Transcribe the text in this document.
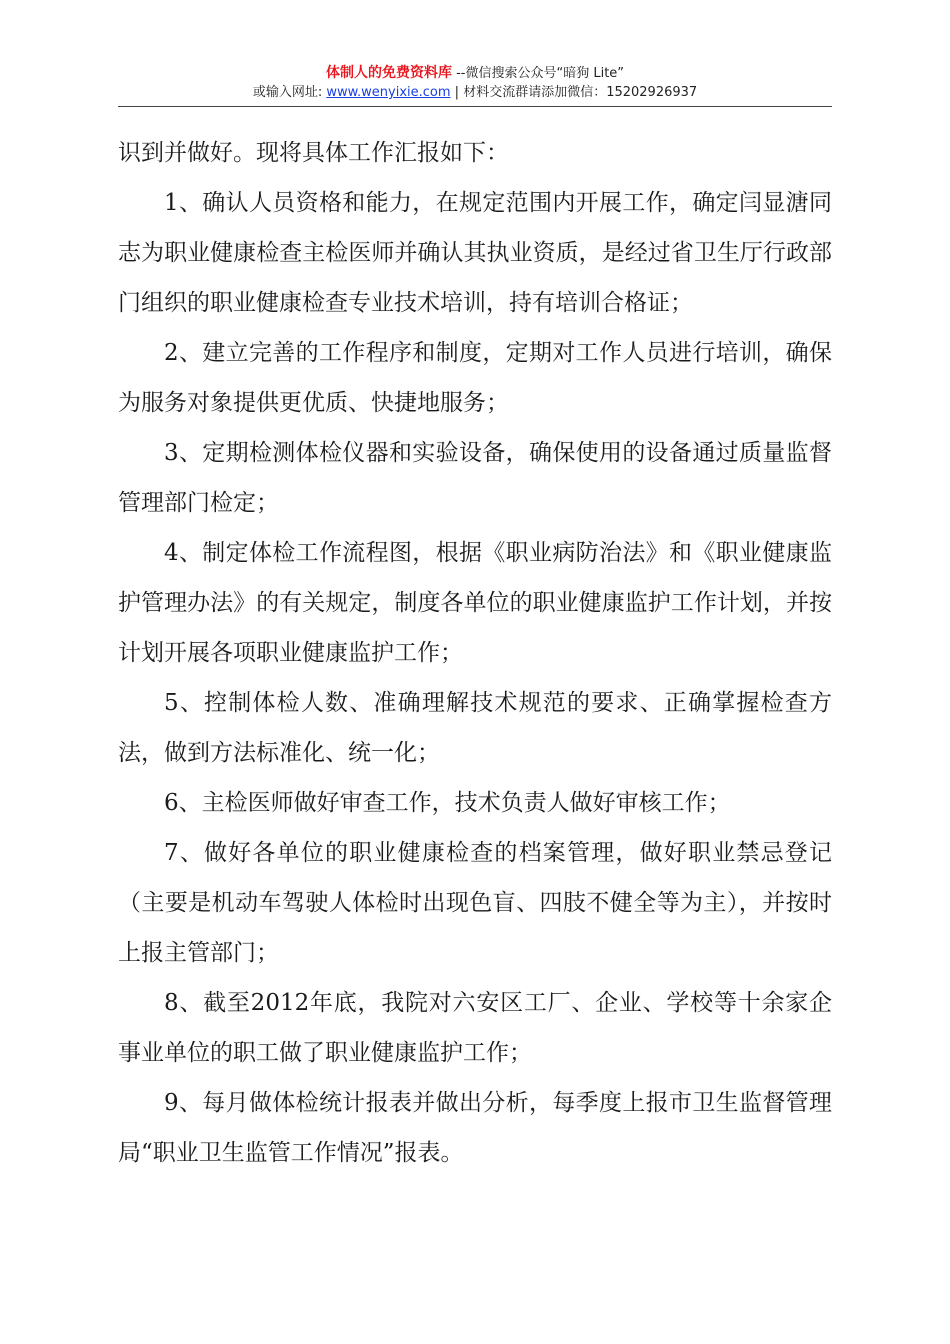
体制人的免费资料库 --微信搜索公众号“暗狗 Lite”
或输入网址: www.wenyixie.com | 材料交流群请添加微信：15202926937

识到并做好。现将具体工作汇报如下：

1、确认人员资格和能力，在规定范围内开展工作，确定闫显溏同志为职业健康检查主检医师并确认其执业资质，是经过省卫生厅行政部门组织的职业健康检查专业技术培训，持有培训合格证；

2、建立完善的工作程序和制度，定期对工作人员进行培训，确保为服务对象提供更优质、快捷地服务；

3、定期检测体检仪器和实验设备，确保使用的设备通过质量监督管理部门检定；

4、制定体检工作流程图，根据《职业病防治法》和《职业健康监护管理办法》的有关规定，制度各单位的职业健康监护工作计划，并按计划开展各项职业健康监护工作；

5、控制体检人数、准确理解技术规范的要求、正确掌握检查方法，做到方法标准化、统一化；

6、主检医师做好审查工作，技术负责人做好审核工作；

7、做好各单位的职业健康检查的档案管理，做好职业禁忌登记（主要是机动车驾驶人体检时出现色盲、四肢不健全等为主），并按时上报主管部门；

8、截至2012年底，我院对六安区工厂、企业、学校等十余家企事业单位的职工做了职业健康监护工作；

9、每月做体检统计报表并做出分析，每季度上报市卫生监督管理局“职业卫生监管工作情况”报表。
